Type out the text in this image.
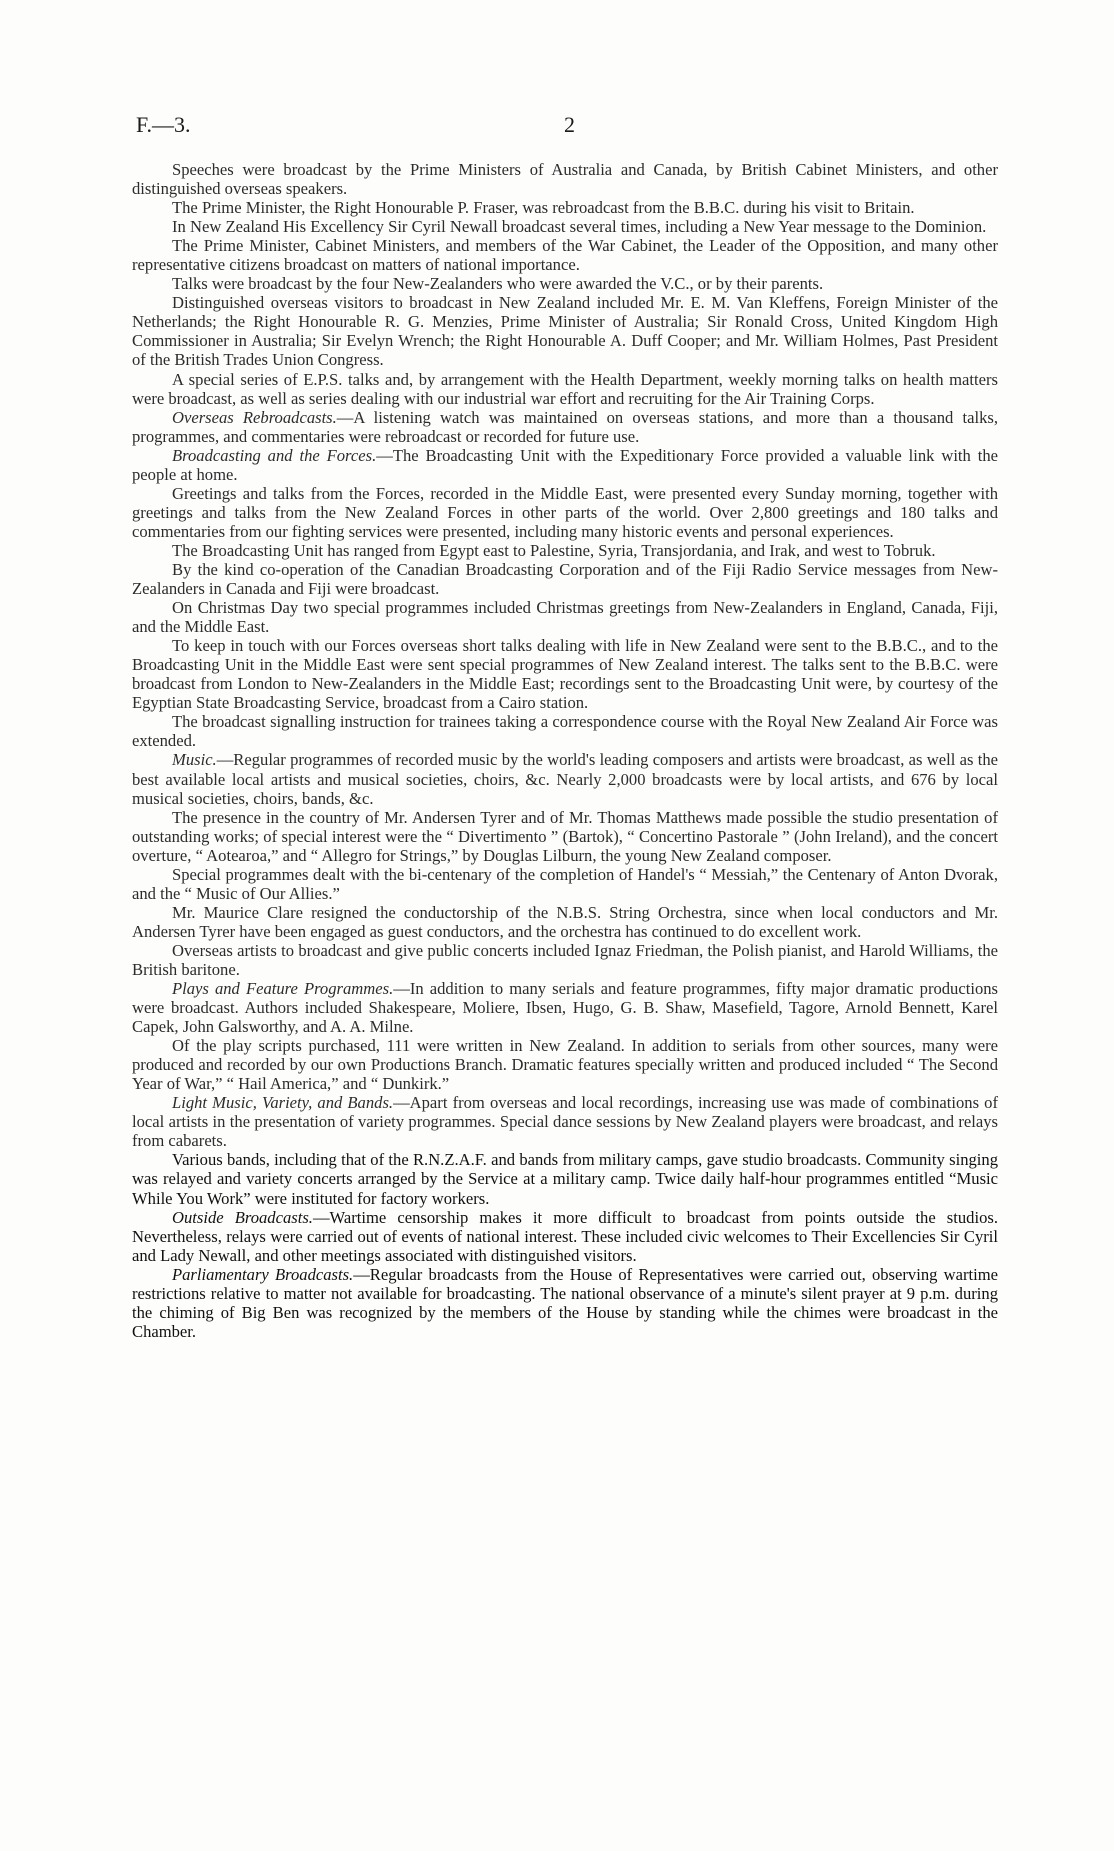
F.—3.	2

Speeches were broadcast by the Prime Ministers of Australia and Canada, by British Cabinet Ministers, and other distinguished overseas speakers.

The Prime Minister, the Right Honourable P. Fraser, was rebroadcast from the B.B.C. during his visit to Britain.

In New Zealand His Excellency Sir Cyril Newall broadcast several times, including a New Year message to the Dominion.

The Prime Minister, Cabinet Ministers, and members of the War Cabinet, the Leader of the Opposition, and many other representative citizens broadcast on matters of national importance.

Talks were broadcast by the four New-Zealanders who were awarded the V.C., or by their parents.

Distinguished overseas visitors to broadcast in New Zealand included Mr. E. M. Van Kleffens, Foreign Minister of the Netherlands; the Right Honourable R. G. Menzies, Prime Minister of Australia; Sir Ronald Cross, United Kingdom High Commissioner in Australia; Sir Evelyn Wrench; the Right Honourable A. Duff Cooper; and Mr. William Holmes, Past President of the British Trades Union Congress.

A special series of E.P.S. talks and, by arrangement with the Health Department, weekly morning talks on health matters were broadcast, as well as series dealing with our industrial war effort and recruiting for the Air Training Corps.

Overseas Rebroadcasts.—A listening watch was maintained on overseas stations, and more than a thousand talks, programmes, and commentaries were rebroadcast or recorded for future use.

Broadcasting and the Forces.—The Broadcasting Unit with the Expeditionary Force provided a valuable link with the people at home.

Greetings and talks from the Forces, recorded in the Middle East, were presented every Sunday morning, together with greetings and talks from the New Zealand Forces in other parts of the world. Over 2,800 greetings and 180 talks and commentaries from our fighting services were presented, including many historic events and personal experiences.

The Broadcasting Unit has ranged from Egypt east to Palestine, Syria, Transjordania, and Irak, and west to Tobruk.

By the kind co-operation of the Canadian Broadcasting Corporation and of the Fiji Radio Service messages from New-Zealanders in Canada and Fiji were broadcast.

On Christmas Day two special programmes included Christmas greetings from New-Zealanders in England, Canada, Fiji, and the Middle East.

To keep in touch with our Forces overseas short talks dealing with life in New Zealand were sent to the B.B.C., and to the Broadcasting Unit in the Middle East were sent special programmes of New Zealand interest. The talks sent to the B.B.C. were broadcast from London to New-Zealanders in the Middle East; recordings sent to the Broadcasting Unit were, by courtesy of the Egyptian State Broadcasting Service, broadcast from a Cairo station.

The broadcast signalling instruction for trainees taking a correspondence course with the Royal New Zealand Air Force was extended.

Music.—Regular programmes of recorded music by the world's leading composers and artists were broadcast, as well as the best available local artists and musical societies, choirs, &c. Nearly 2,000 broadcasts were by local artists, and 676 by local musical societies, choirs, bands, &c.

The presence in the country of Mr. Andersen Tyrer and of Mr. Thomas Matthews made possible the studio presentation of outstanding works; of special interest were the “ Divertimento ” (Bartok), “ Concertino Pastorale ” (John Ireland), and the concert overture, “ Aotearoa,” and “ Allegro for Strings,” by Douglas Lilburn, the young New Zealand composer.

Special programmes dealt with the bi-centenary of the completion of Handel's “ Messiah,” the Centenary of Anton Dvorak, and the “ Music of Our Allies.”

Mr. Maurice Clare resigned the conductorship of the N.B.S. String Orchestra, since when local conductors and Mr. Andersen Tyrer have been engaged as guest conductors, and the orchestra has continued to do excellent work.

Overseas artists to broadcast and give public concerts included Ignaz Friedman, the Polish pianist, and Harold Williams, the British baritone.

Plays and Feature Programmes.—In addition to many serials and feature programmes, fifty major dramatic productions were broadcast. Authors included Shakespeare, Moliere, Ibsen, Hugo, G. B. Shaw, Masefield, Tagore, Arnold Bennett, Karel Capek, John Galsworthy, and A. A. Milne.

Of the play scripts purchased, 111 were written in New Zealand. In addition to serials from other sources, many were produced and recorded by our own Productions Branch. Dramatic features specially written and produced included “ The Second Year of War,” “ Hail America,” and “ Dunkirk.”

Light Music, Variety, and Bands.—Apart from overseas and local recordings, increasing use was made of combinations of local artists in the presentation of variety programmes. Special dance sessions by New Zealand players were broadcast, and relays from cabarets.

Various bands, including that of the R.N.Z.A.F. and bands from military camps, gave studio broadcasts. Community singing was relayed and variety concerts arranged by the Service at a military camp. Twice daily half-hour programmes entitled “Music While You Work” were instituted for factory workers.

Outside Broadcasts.—Wartime censorship makes it more difficult to broadcast from points outside the studios. Nevertheless, relays were carried out of events of national interest. These included civic welcomes to Their Excellencies Sir Cyril and Lady Newall, and other meetings associated with distinguished visitors.

Parliamentary Broadcasts.—Regular broadcasts from the House of Representatives were carried out, observing wartime restrictions relative to matter not available for broadcasting. The national observance of a minute's silent prayer at 9 p.m. during the chiming of Big Ben was recognized by the members of the House by standing while the chimes were broadcast in the Chamber.
